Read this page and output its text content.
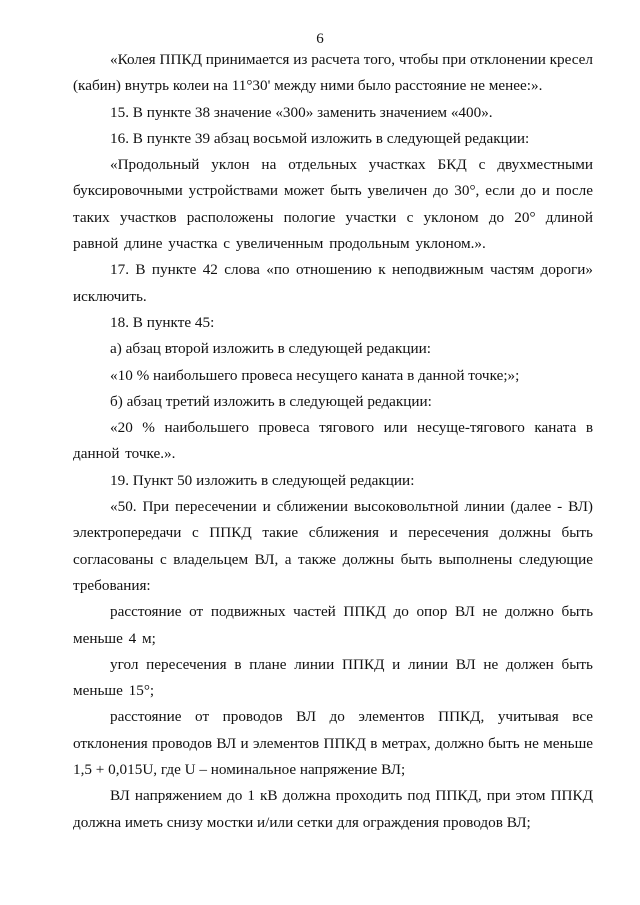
6

«Колея ППКД принимается из расчета того, чтобы при отклонении кресел (кабин) внутрь колеи на 11°30' между ними было расстояние не менее:».

15. В пункте 38 значение «300» заменить значением «400».

16. В пункте 39 абзац восьмой изложить в следующей редакции:

«Продольный уклон на отдельных участках БКД с двухместными буксировочными устройствами может быть увеличен до 30°, если до и после таких участков расположены пологие участки с уклоном до 20° длиной равной длине участка с увеличенным продольным уклоном.».

17. В пункте 42 слова «по отношению к неподвижным частям дороги» исключить.

18. В пункте 45:

а) абзац второй изложить в следующей редакции:

«10 % наибольшего провеса несущего каната в данной точке;»;

б) абзац третий изложить в следующей редакции:

«20 % наибольшего провеса тягового или несуще-тягового каната в данной точке.».

19. Пункт 50 изложить в следующей редакции:

«50. При пересечении и сближении высоковольтной линии (далее - ВЛ) электропередачи с ППКД такие сближения и пересечения должны быть согласованы с владельцем ВЛ, а также должны быть выполнены следующие требования:

расстояние от подвижных частей ППКД до опор ВЛ не должно быть меньше 4 м;

угол пересечения в плане линии ППКД и линии ВЛ не должен быть меньше 15°;

расстояние от проводов ВЛ до элементов ППКД, учитывая все отклонения проводов ВЛ и элементов ППКД в метрах, должно быть не меньше 1,5 + 0,015U, где U – номинальное напряжение ВЛ;

ВЛ напряжением до 1 кВ должна проходить под ППКД, при этом ППКД должна иметь снизу мостки и/или сетки для ограждения проводов ВЛ;
